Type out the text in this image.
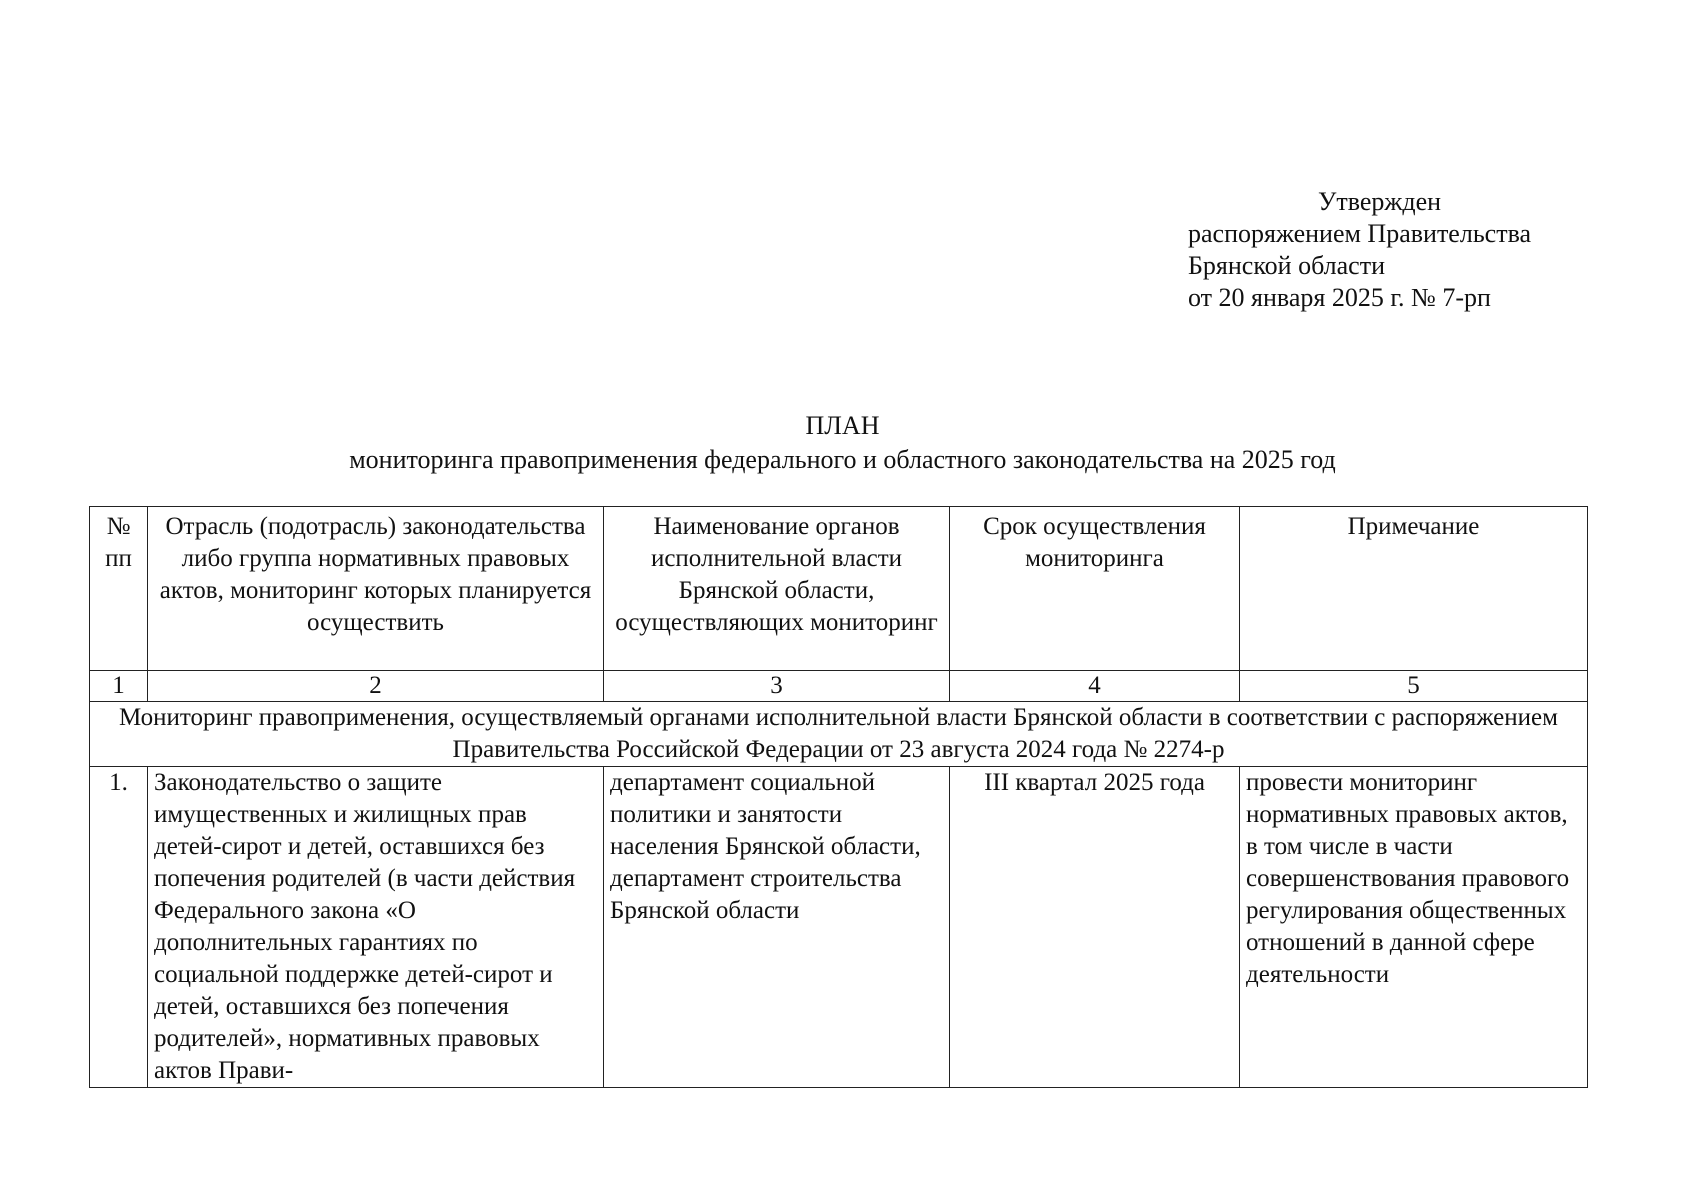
Утвержден
распоряжением Правительства
Брянской области
от 20 января 2025 г. № 7-рп
ПЛАН
мониторинга правоприменения федерального и областного законодательства на 2025 год
№ пп	Отрасль (подотрасль) законодательства либо группа нормативных правовых актов, мониторинг которых планируется осуществить	Наименование органов исполнительной власти Брянской области, осуществляющих мониторинг	Срок осуществления мониторинга	Примечание
1	2	3	4	5
Мониторинг правоприменения, осуществляемый органами исполнительной власти Брянской области в соответствии с распоряжением Правительства Российской Федерации от 23 августа 2024 года № 2274-р				
1.	Законодательство о защите имущественных и жилищных прав детей-сирот и детей, оставшихся без попечения родителей (в части действия Федерального закона «О дополнительных гарантиях по социальной поддержке детей-сирот и детей, оставшихся без попечения родителей», нормативных правовых актов Прави-	департамент социальной политики и занятости населения Брянской области, департамент строительства Брянской области	III квартал 2025 года	провести мониторинг нормативных правовых актов, в том числе в части совершенствования правового регулирования общественных отношений в данной сфере деятельности
